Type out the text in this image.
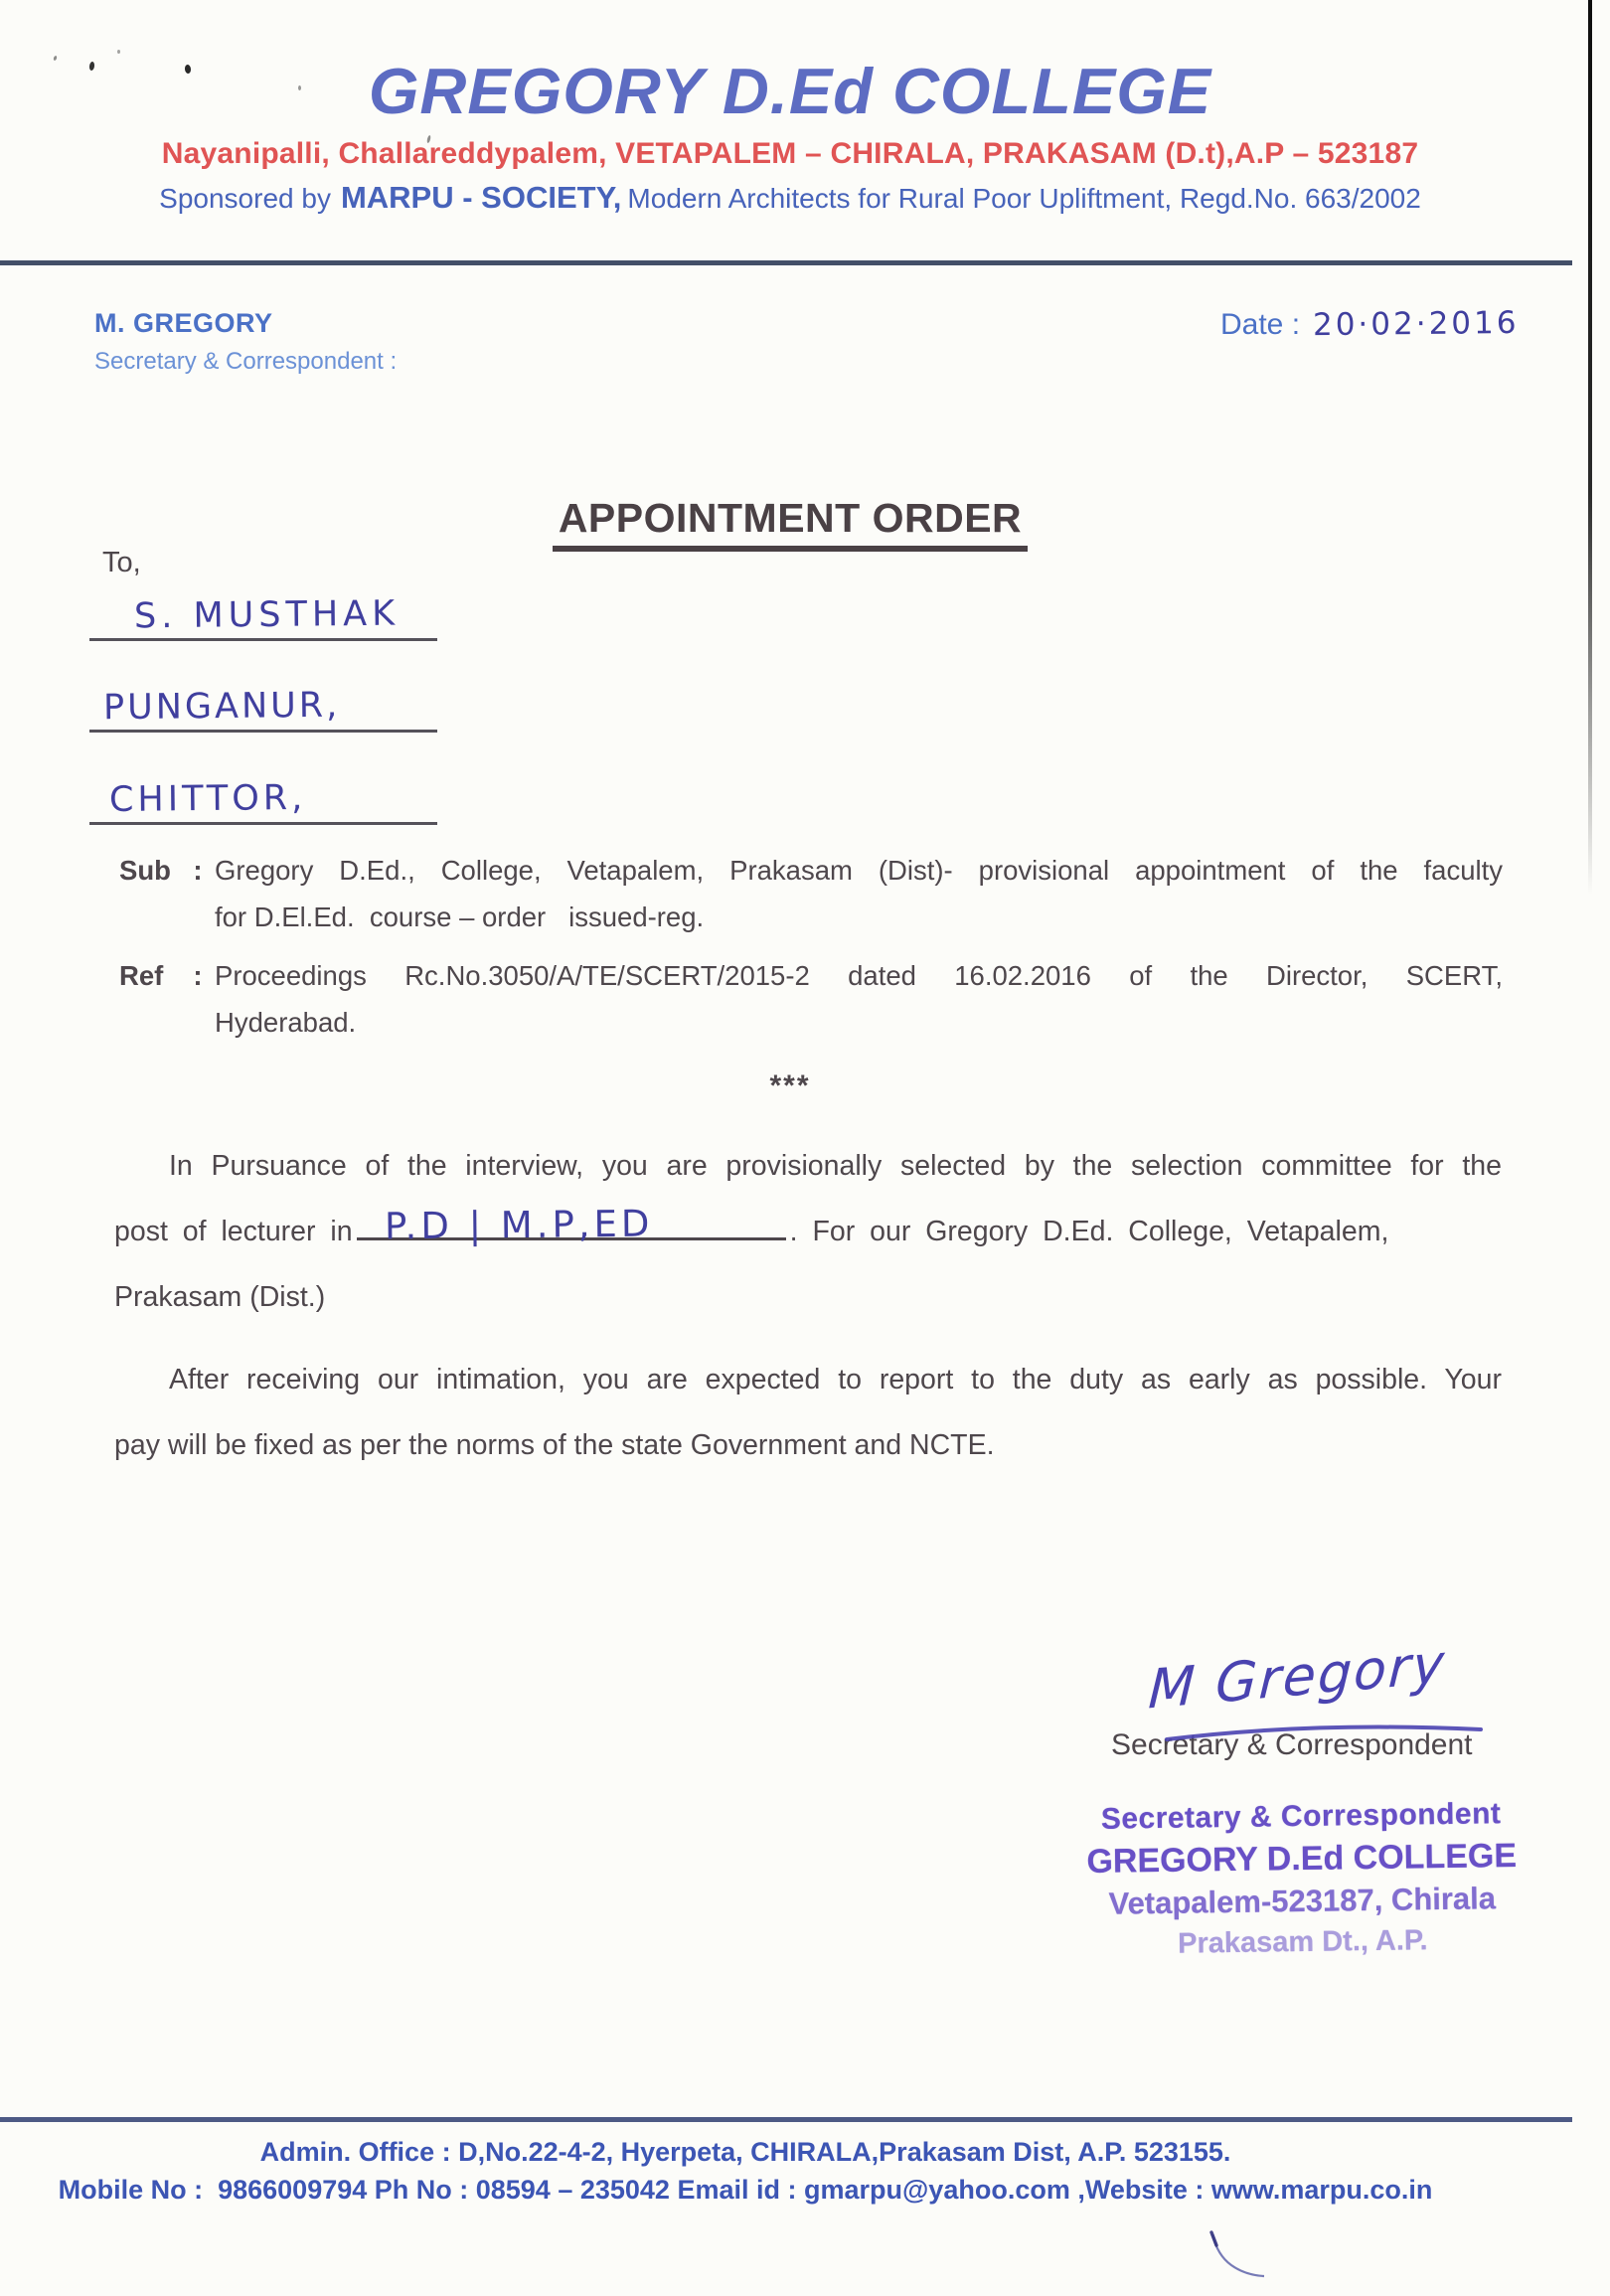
GREGORY D.Ed COLLEGE
Nayanipalli, Challareddypalem, VETAPALEM – CHIRALA, PRAKASAM (D.t),A.P – 523187
Sponsored by MARPU - SOCIETY, Modern Architects for Rural Poor Upliftment, Regd.No. 663/2002
M. GREGORY
Secretary & Correspondent :
Date : 20·02·2016
APPOINTMENT ORDER
To,
S. MUSTHAK
PUNGANUR,
CHITTOR,
Sub : Gregory D.Ed., College, Vetapalem, Prakasam (Dist)- provisional appointment of the faculty
for D.El.Ed.  course – order   issued-reg.
Ref	: Proceedings Rc.No.3050/A/TE/SCERT/2015-2 dated 16.02.2016 of the Director, SCERT,
Hyderabad.
***
In Pursuance of the interview, you are provisionally selected by the selection committee for the
post of lecturer in P.D | M.P,ED	. For our Gregory D.Ed. College, Vetapalem,
Prakasam (Dist.)
After receiving our intimation, you are expected to report to the duty as early as possible. Your
pay will be fixed as per the norms of the state Government and NCTE.
M Gregory
Secretary & Correspondent
Secretary & Correspondent
GREGORY D.Ed COLLEGE
Vetapalem-523187, Chirala
Prakasam Dt., A.P.
Admin. Office : D,No.22-4-2, Hyerpeta, CHIRALA,Prakasam Dist, A.P. 523155.
Mobile No :  9866009794 Ph No : 08594 – 235042 Email id : gmarpu@yahoo.com ,Website : www.marpu.co.in
